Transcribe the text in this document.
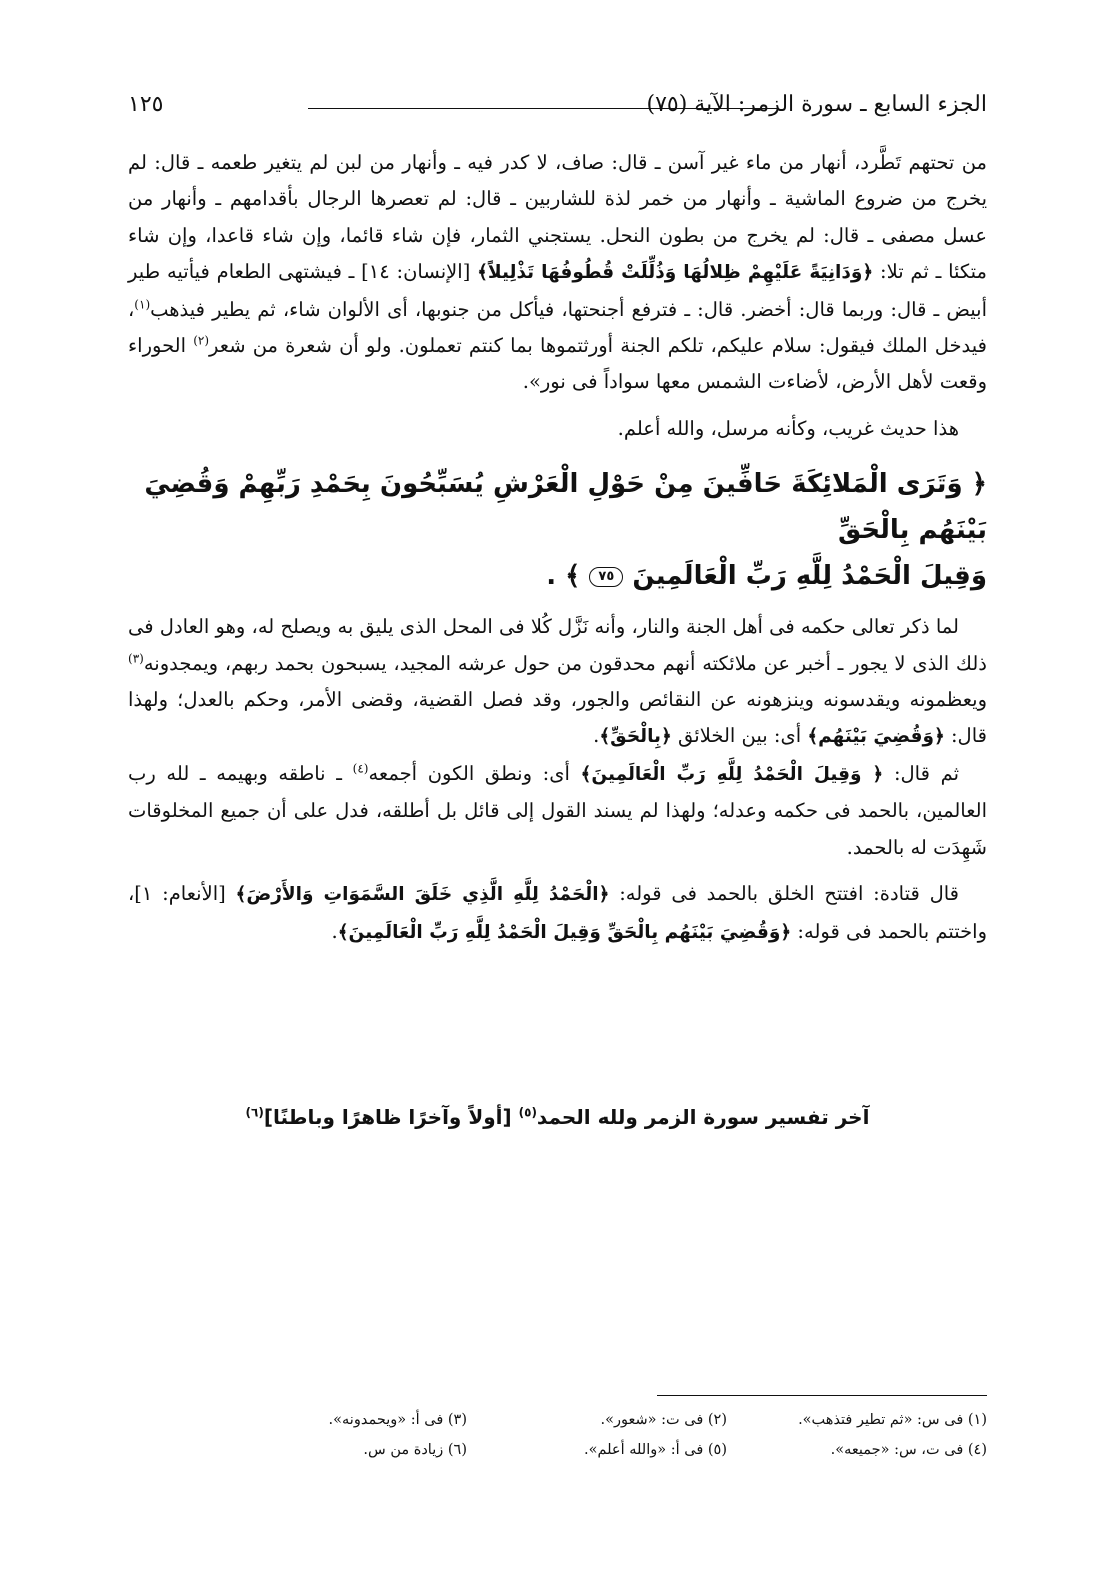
الجزء السابع ـ سورة الزمر: الآية (٧٥)
١٢٥

من تحتهم تَطَّرد، أنهار من ماء غير آسن ـ قال: صاف، لا كدر فيه ـ وأنهار من لبن لم يتغير طعمه ـ قال: لم يخرج من ضروع الماشية ـ وأنهار من خمر لذة للشاربين ـ قال: لم تعصرها الرجال بأقدامهم ـ وأنهار من عسل مصفى ـ قال: لم يخرج من بطون النحل. يستجني الثمار، فإن شاء قائما، وإن شاء قاعدا، وإن شاء متكئا ـ ثم تلا: ﴿وَدَانِيَةً عَلَيْهِمْ ظِلالُهَا وَذُلِّلَتْ قُطُوفُهَا تَذْلِيلاً﴾ [الإنسان: ١٤] ـ فيشتهى الطعام فيأتيه طير أبيض ـ قال: وربما قال: أخضر. قال: ـ فترفع أجنحتها، فيأكل من جنوبها، أى الألوان شاء، ثم يطير فيذهب$^{(١)}$، فيدخل الملك فيقول: سلام عليكم، تلكم الجنة أورثتموها بما كنتم تعملون. ولو أن شعرة من شعر$^{(٢)}$ الحوراء وقعت لأهل الأرض، لأضاءت الشمس معها سواداً فى نور».

هذا حديث غريب، وكأنه مرسل، والله أعلم.

﴿ وَتَرَى الْمَلائِكَةَ حَافِّينَ مِنْ حَوْلِ الْعَرْشِ يُسَبِّحُونَ بِحَمْدِ رَبِّهِمْ وَقُضِيَ بَيْنَهُم بِالْحَقِّ
وَقِيلَ الْحَمْدُ لِلَّهِ رَبِّ الْعَالَمِينَ ٧٥ ﴾ .

لما ذكر تعالى حكمه فى أهل الجنة والنار، وأنه نَزَّل كُلا فى المحل الذى يليق به ويصلح له، وهو العادل فى ذلك الذى لا يجور ـ أخبر عن ملائكته أنهم محدقون من حول عرشه المجيد، يسبحون بحمد ربهم، ويمجدونه$^{(٣)}$ ويعظمونه ويقدسونه وينزهونه عن النقائص والجور، وقد فصل القضية، وقضى الأمر، وحكم بالعدل؛ ولهذا قال: ﴿وَقُضِيَ بَيْنَهُم﴾ أى: بين الخلائق ﴿بِالْحَقِّ﴾.

ثم قال: ﴿ وَقِيلَ الْحَمْدُ لِلَّهِ رَبِّ الْعَالَمِينَ﴾ أى: ونطق الكون أجمعه$^{(٤)}$ ـ ناطقه وبهيمه ـ لله رب العالمين، بالحمد فى حكمه وعدله؛ ولهذا لم يسند القول إلى قائل بل أطلقه، فدل على أن جميع المخلوقات شَهِدَت له بالحمد.

قال قتادة: افتتح الخلق بالحمد فى قوله: ﴿الْحَمْدُ لِلَّهِ الَّذِي خَلَقَ السَّمَوَاتِ وَالأَرْضَ﴾ [الأنعام: ١]، واختتم بالحمد فى قوله: ﴿وَقُضِيَ بَيْنَهُم بِالْحَقِّ وَقِيلَ الْحَمْدُ لِلَّهِ رَبِّ الْعَالَمِينَ﴾.

آخر تفسير سورة الزمر ولله الحمد$^{(٥)}$ [أولاً وآخرًا ظاهرًا وباطنًا]$^{(٦)}$
(١) فى س: «ثم تطير فتذهب».
(٢) فى ت: «شعور».
(٣) فى أ: «ويحمدونه».
(٤) فى ت، س: «جميعه».
(٥) فى أ: «والله أعلم».
(٦) زيادة من س.
